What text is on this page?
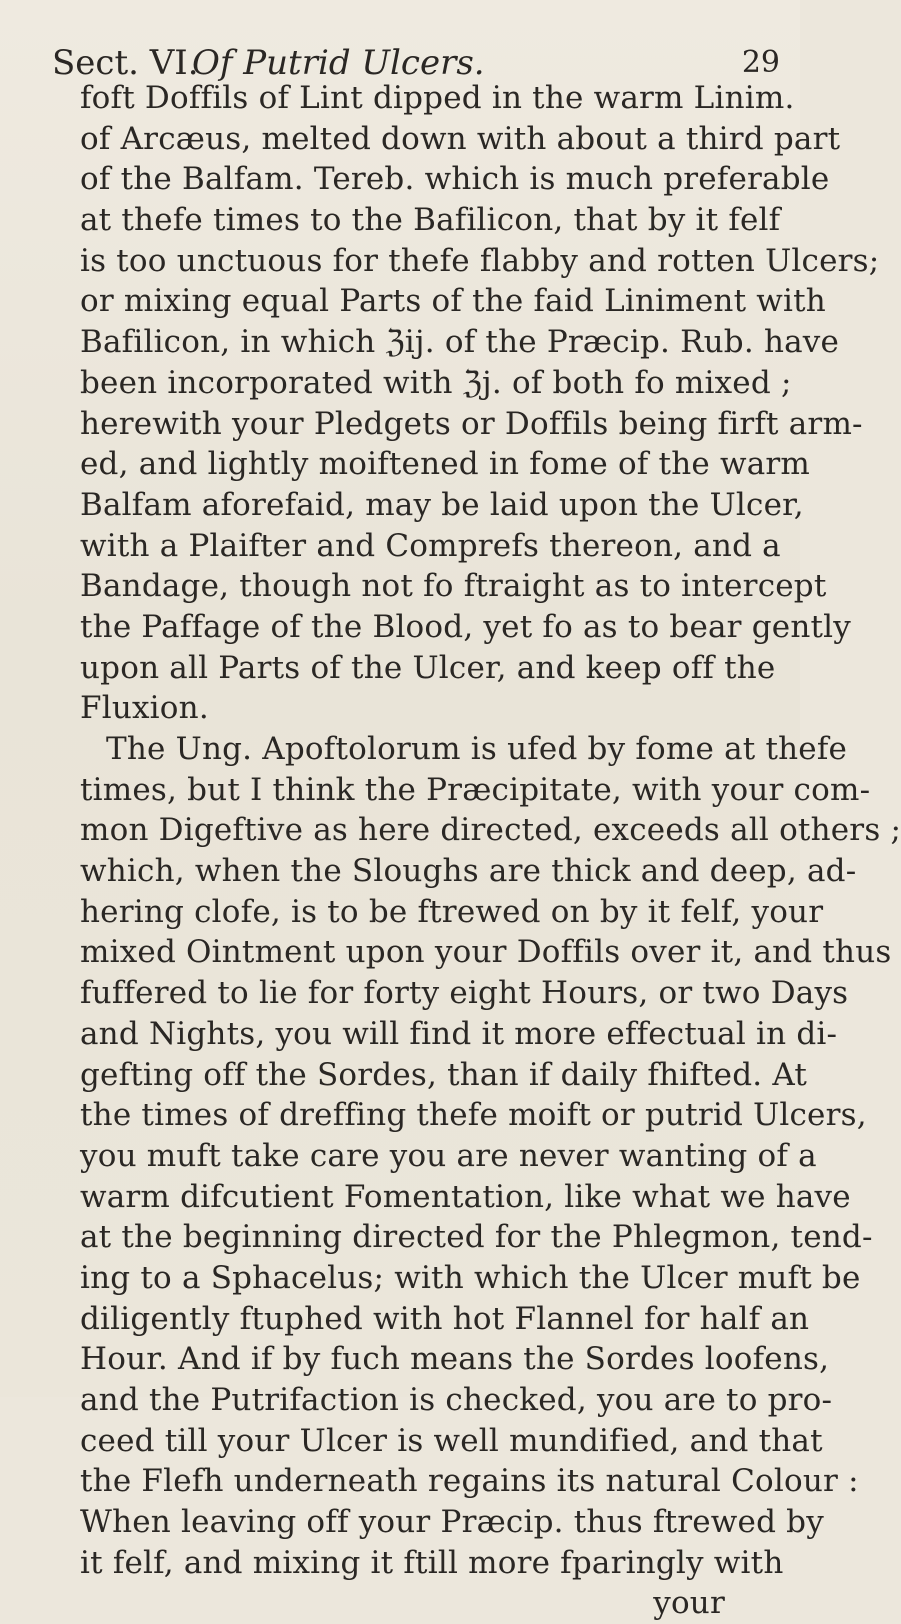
Sect. VI.
Of Putrid Ulcers.	29
foft Doffils of Lint dipped in the warm Linim.
of Arcæus, melted down with about a third part
of the Balfam. Tereb. which is much preferable
at thefe times to the Bafilicon, that by it felf
is too unctuous for thefe flabby and rotten Ulcers;
or mixing equal Parts of the faid Liniment with
Bafilicon, in which ℨij. of the Præcip. Rub. have
been incorporated with ℨj. of both fo mixed ;
herewith your Pledgets or Doffils being firft arm-
ed, and lightly moiftened in fome of the warm
Balfam aforefaid, may be laid upon the Ulcer,
with a Plaifter and Comprefs thereon, and a
Bandage, though not fo ftraight as to intercept
the Paffage of the Blood, yet fo as to bear gently
upon all Parts of the Ulcer, and keep off the
Fluxion.
The Ung. Apoftolorum is ufed by fome at thefe
times, but I think the Præcipitate, with your com-
mon Digeftive as here directed, exceeds all others ;
which, when the Sloughs are thick and deep, ad-
hering clofe, is to be ftrewed on by it felf, your
mixed Ointment upon your Doffils over it, and thus
fuffered to lie for forty eight Hours, or two Days
and Nights, you will find it more effectual in di-
gefting off the Sordes, than if daily fhifted. At
the times of dreffing thefe moift or putrid Ulcers,
you muft take care you are never wanting of a
warm difcutient Fomentation, like what we have
at the beginning directed for the Phlegmon, tend-
ing to a Sphacelus; with which the Ulcer muft be
diligently ftuphed with hot Flannel for half an
Hour. And if by fuch means the Sordes loofens,
and the Putrifaction is checked, you are to pro-
ceed till your Ulcer is well mundified, and that
the Flefh underneath regains its natural Colour :
When leaving off your Præcip. thus ftrewed by
it felf, and mixing it ftill more fparingly with
your
